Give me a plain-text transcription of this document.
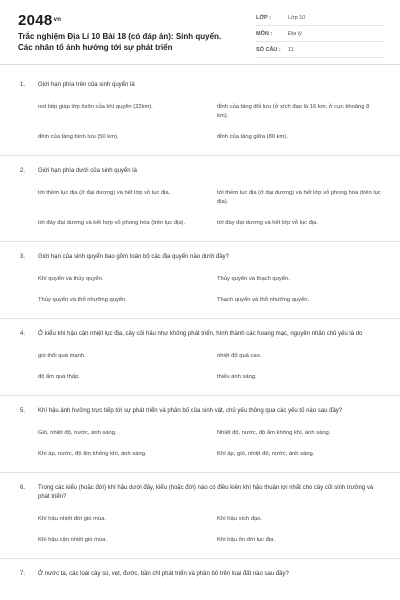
$2048^{vn}$
Trắc nghiệm Địa Lí 10 Bài 18 (có đáp án): Sinh quyển. Các nhân tố ảnh hưởng tới sự phát triển
LỚP :	Lớp 10
MÔN :	Địa lý
SỐ CÂU :	11
1. Giới hạn phía trên của sinh quyển là
nơi tiếp giáp lớp ôzôn của khí quyển (22km).	đỉnh của tầng đối lưu (ở xích đạo là 16 km, ở cực khoảng 8 km).
đỉnh của tầng bình lưu (50 km).	đỉnh của tầng giữa (80 km).
2. Giới hạn phía dưới của sinh quyển là
tới thềm lục địa (ở đại dương) và hết lớp vỏ lục địa.	tới thềm lục địa (ở đại dương) và hết lớp vỏ phong hóa (trên lục địa).
tới đáy đại dương và kết hợp vỏ phong hóa (trên lục địa).	tới đáy đại dương và hết lớp vỏ lục địa.
3. Giới hạn của sinh quyển bao gồm toàn bộ các địa quyển nào dưới đây?
Khí quyển và thủy quyển.	Thủy quyển và thạch quyển.
Thủy quyển và thổ nhưỡng quyển.	Thạch quyển và thổ nhưỡng quyển.
4. Ở kiểu khí hậu cận nhiệt lục địa, cây cối hầu như không phát triển, hình thành các hoang mạc, nguyên nhân chủ yếu là do
gió thổi quá mạnh.	nhiệt độ quá cao.
độ ẩm quá thấp.	thiếu ánh sáng.
5. Khí hậu ảnh hưởng trực tiếp tới sự phát triển và phân bố của sinh vật, chủ yếu thông qua các yếu tố nào sau đây?
Gió, nhiệt độ, nước, ánh sáng.	Nhiệt độ, nước, độ ẩm không khí, ánh sáng.
Khí áp, nước, độ ẩm không khí, ánh sáng.	Khí áp, gió, nhiệt độ, nước, ánh sáng.
6. Trong các kiểu (hoặc đới) khí hậu dưới đây, kiểu (hoặc đới) nào có điều kiện khí hậu thuận lợi nhất cho cây cối sinh trưởng và phát triển?
Khí hậu nhiệt đới gió mùa.	Khí hậu xích đạo.
Khí hậu cận nhiệt gió mùa.	Khí hậu ôn đới lục địa.
7. Ở nước ta, các loài cây sú, vẹt, đước, bần chỉ phát triển và phân bố trên loại đất nào sau đây?
